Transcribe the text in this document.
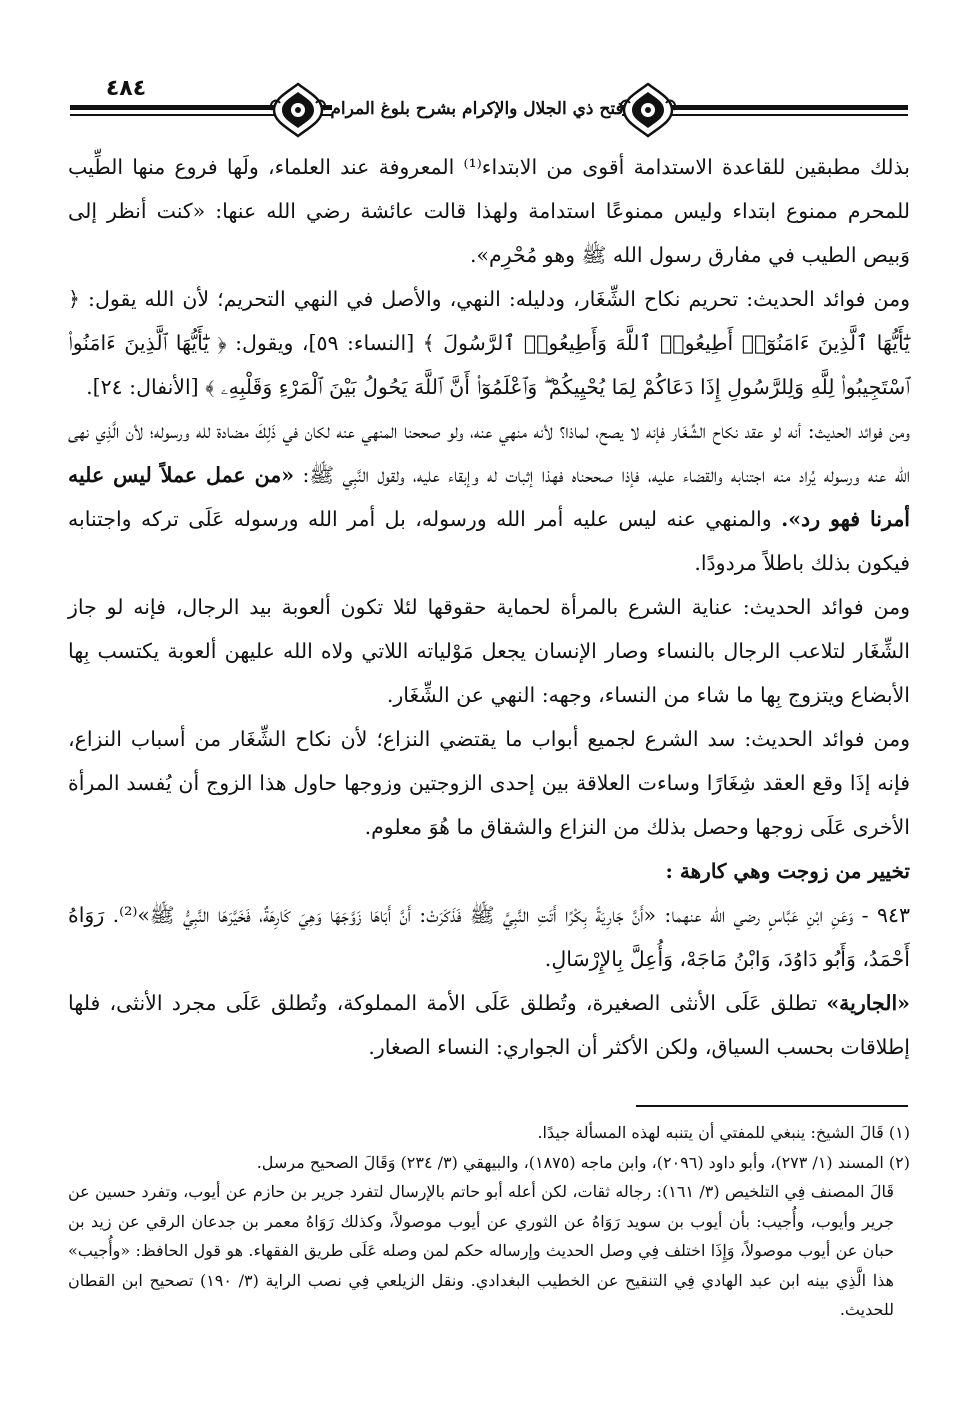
٤٨٤
فتح ذي الجلال والإكرام بشرح بلوغ المرام

بذلك مطبقين للقاعدة الاستدامة أقوى من الابتداء⁽¹⁾ المعروفة عند العلماء، ولَها فروع منها الطِّيب للمحرم ممنوع ابتداء وليس ممنوعًا استدامة ولهذا قالت عائشة رضي الله عنها: «كنت أنظر إلى وَبيص الطيب في مفارق رسول الله ﷺ وهو مُحْرِم».

ومن فوائد الحديث: تحريم نكاح الشِّغَار، ودليله: النهي، والأصل في النهي التحريم؛ لأن الله يقول: ﴿ يَٰٓأَيُّهَا ٱلَّذِينَ ءَامَنُوٓا۟ أَطِيعُوا۟ ٱللَّهَ وَأَطِيعُوا۟ ٱلرَّسُولَ ﴾ [النساء: ٥٩]، ويقول: ﴿ يَٰٓأَيُّهَا ٱلَّذِينَ ءَامَنُوا۟ ٱسْتَجِيبُوا۟ لِلَّهِ وَلِلرَّسُولِ إِذَا دَعَاكُمْ لِمَا يُحْيِيكُمْ ۖ وَٱعْلَمُوٓا۟ أَنَّ ٱللَّهَ يَحُولُ بَيْنَ ٱلْمَرْءِ وَقَلْبِهِۦ ﴾ [الأنفال: ٢٤].

ومن فوائد الحديث: أنه لو عقد نكاح الشِّغَار فإنه لا يصح، لماذا؟ لأنه منهي عنه، ولو صححنا المنهي عنه لكان في ذَلِكَ مضادة لله ورسوله؛ لأن الَّذِي نهى الله عنه ورسوله يُراد منه اجتنابه والقضاء عليه، فإذا صححناه فهذا إثبات له وإبقاء عليه، ولقول النَّبِي ﷺ: «من عمل عملاً ليس عليه أمرنا فهو رد». والمنهي عنه ليس عليه أمر الله ورسوله، بل أمر الله ورسوله عَلَى تركه واجتنابه فيكون بذلك باطلاً مردودًا.

ومن فوائد الحديث: عناية الشرع بالمرأة لحماية حقوقها لئلا تكون ألعوبة بيد الرجال، فإنه لو جاز الشِّغَار لتلاعب الرجال بالنساء وصار الإنسان يجعل مَوْلياته اللاتي ولاه الله عليهن ألعوبة يكتسب بِها الأبضاع ويتزوج بِها ما شاء من النساء، وجهه: النهي عن الشِّغَار.

ومن فوائد الحديث: سد الشرع لجميع أبواب ما يقتضي النزاع؛ لأن نكاح الشِّغَار من أسباب النزاع، فإنه إذَا وقع العقد شِغَارًا وساءت العلاقة بين إحدى الزوجتين وزوجها حاول هذا الزوج أن يُفسد المرأة الأخرى عَلَى زوجها وحصل بذلك من النزاع والشقاق ما هُوَ معلوم.

تخيير من زوجت وهي كارهة :

٩٤٣ - وَعَنِ ابْنِ عَبَّاسٍ رضي الله عنهما: «أَنَّ جَارِيَةً بِكْرًا أَتَتِ النَّبِيَّ ﷺ فَذَكَرَتْ: أَنَّ أَبَاهَا زَوَّجَهَا وَهِيَ كَارِهَةٌ، فَخَيَّرَهَا النَّبِيُّ ﷺ»⁽²⁾. رَوَاهُ أَحْمَدُ، وَأَبُو دَاوُدَ، وَابْنُ مَاجَهْ، وَأُعِلَّ بِالإِرْسَالِ.

«الجارية» تطلق عَلَى الأنثى الصغيرة، وتُطلق عَلَى الأمة المملوكة، وتُطلق عَلَى مجرد الأنثى، فلها إطلاقات بحسب السياق، ولكن الأكثر أن الجواري: النساء الصغار.

(١) قَالَ الشيخ: ينبغي للمفتي أن يتنبه لهذه المسألة جيدًا.

(٢) المسند (١/ ٢٧٣)، وأبو داود (٢٠٩٦)، وابن ماجه (١٨٧٥)، والبيهقي (٣/ ٢٣٤) وَقَالَ الصحيح مرسل.

قَالَ المصنف فِي التلخيص (٣/ ١٦١): رجاله ثقات، لكن أعله أبو حاتم بالإرسال لتفرد جرير بن حازم عن أيوب، وتفرد حسين عن جرير وأيوب، وأُجيب: بأن أيوب بن سويد رَوَاهُ عن الثوري عن أيوب موصولاً، وكذلك رَوَاهُ معمر بن جدعان الرقي عن زيد بن حبان عن أيوب موصولاً، وَإِذَا اختلف فِي وصل الحديث وإرساله حكم لمن وصله عَلَى طريق الفقهاء. هو قول الحافظ: «وأُجيب» هذا الَّذِي بينه ابن عبد الهادي فِي التنقيح عن الخطيب البغدادي. ونقل الزيلعي فِي نصب الراية (٣/ ١٩٠) تصحيح ابن القطان للحديث.
